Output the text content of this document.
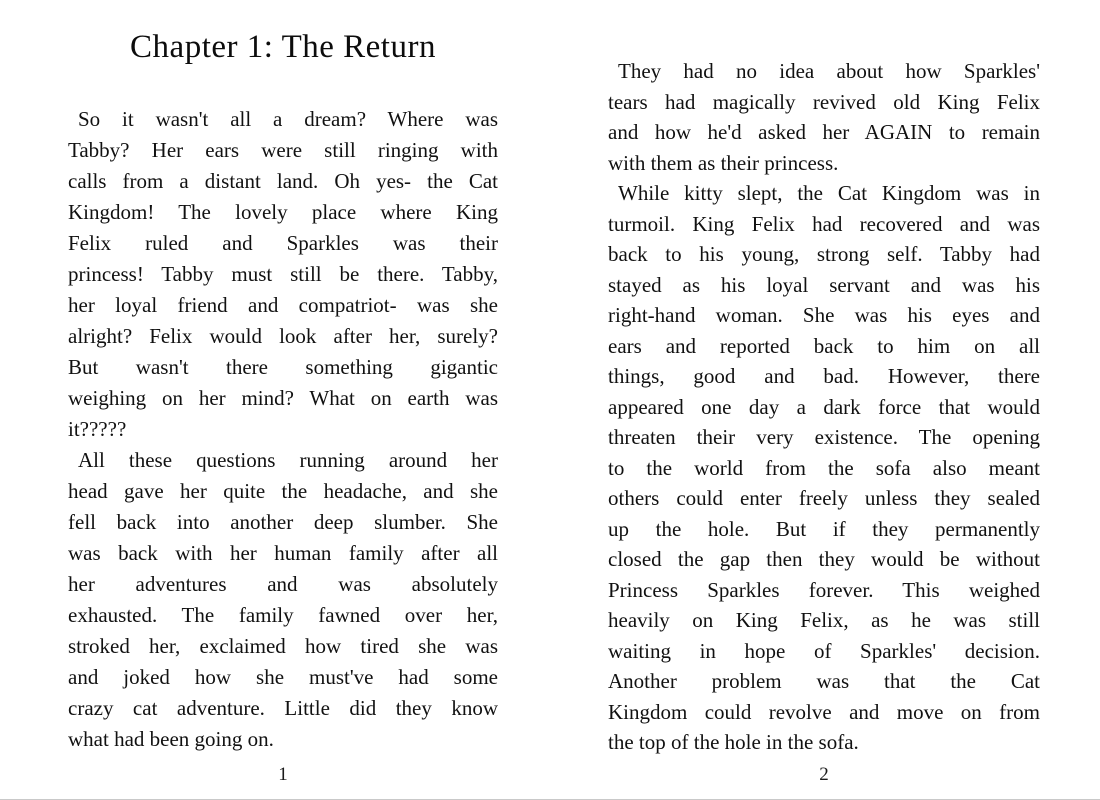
Chapter 1: The Return
So it wasn't all a dream? Where was
Tabby? Her ears were still ringing with
calls from a distant land. Oh yes- the Cat
Kingdom! The lovely place where King
Felix ruled and Sparkles was their
princess! Tabby must still be there. Tabby,
her loyal friend and compatriot- was she
alright? Felix would look after her, surely?
But wasn't there something gigantic
weighing on her mind? What on earth was
it?????
All these questions running around her
head gave her quite the headache, and she
fell back into another deep slumber. She
was back with her human family after all
her adventures and was absolutely
exhausted. The family fawned over her,
stroked her, exclaimed how tired she was
and joked how she must've had some
crazy cat adventure. Little did they know
what had been going on.
1
They had no idea about how Sparkles'
tears had magically revived old King Felix
and how he'd asked her AGAIN to remain
with them as their princess.
While kitty slept, the Cat Kingdom was in
turmoil. King Felix had recovered and was
back to his young, strong self. Tabby had
stayed as his loyal servant and was his
right-hand woman. She was his eyes and
ears and reported back to him on all
things, good and bad. However, there
appeared one day a dark force that would
threaten their very existence. The opening
to the world from the sofa also meant
others could enter freely unless they sealed
up the hole. But if they permanently
closed the gap then they would be without
Princess Sparkles forever. This weighed
heavily on King Felix, as he was still
waiting in hope of Sparkles' decision.
Another problem was that the Cat
Kingdom could revolve and move on from
the top of the hole in the sofa.
2
